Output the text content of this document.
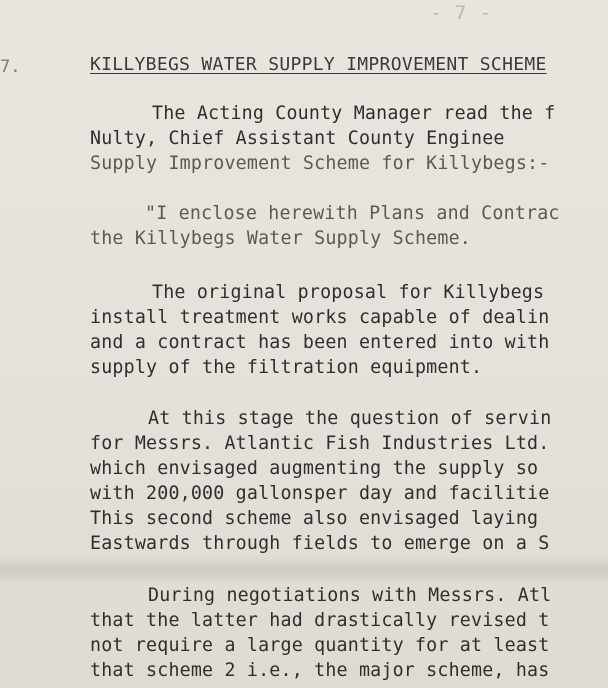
- 7 -
7.	KILLYBEGS WATER SUPPLY IMPROVEMENT SCHEME
The Acting County Manager read the f
Nulty, Chief Assistant County Enginee
Supply Improvement Scheme for Killybegs:-
"I enclose herewith Plans and Contrac
the Killybegs Water Supply Scheme.
The original proposal for Killybegs
install treatment works capable of dealin
and a contract has been entered into with
supply of the filtration equipment.
At this stage the question of servin
for Messrs. Atlantic Fish Industries Ltd.
which envisaged augmenting the supply so
with 200,000 gallonsper day and facilitie
This second scheme also envisaged laying
Eastwards through fields to emerge on a S
During negotiations with Messrs. Atl
that the latter had drastically revised t
not require a large quantity for at least
that scheme 2 i.e., the major scheme, has
